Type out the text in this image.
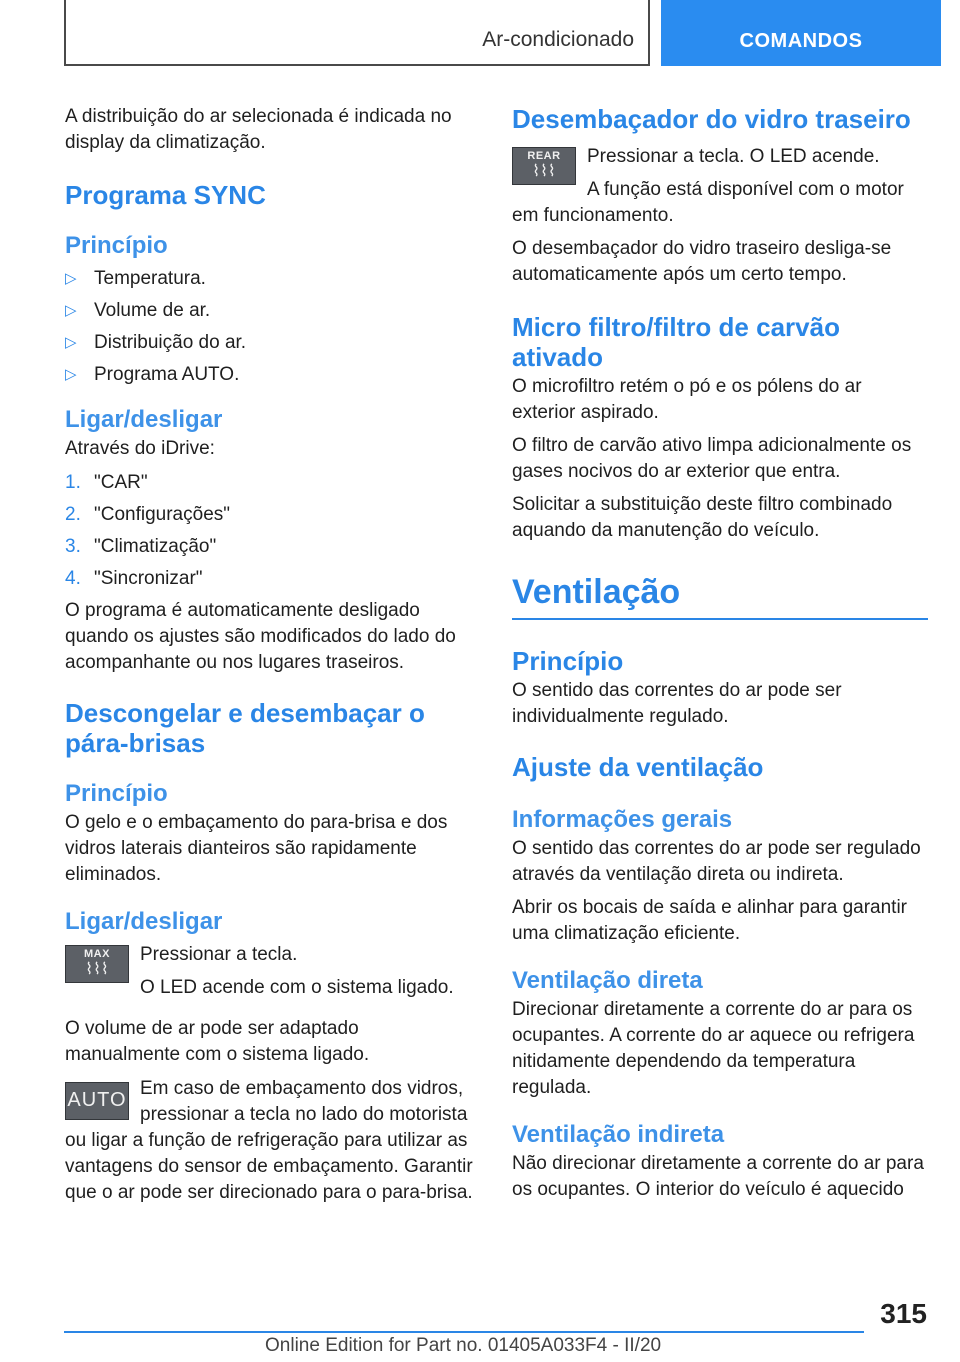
Ar-condicionado	COMANDOS

A distribuição do ar selecionada é indicada no display da climatização.

Programa SYNC
Princípio
▷ Temperatura.
▷ Volume de ar.
▷ Distribuição do ar.
▷ Programa AUTO.
Ligar/desligar

Através do iDrive:

1. "CAR"
2. "Configurações"
3. "Climatização"
4. "Sincronizar"

O programa é automaticamente desligado quando os ajustes são modificados do lado do acompanhante ou nos lugares traseiros.

Descongelar e desembaçar o pára-brisas
Princípio

O gelo e o embaçamento do para-brisa e dos vidros laterais dianteiros são rapidamente eliminados.

Ligar/desligar
MAX
⌇⌇⌇

Pressionar a tecla.

O LED acende com o sistema ligado.

O volume de ar pode ser adaptado manualmente com o sistema ligado.

AUTO

Em caso de embaçamento dos vidros, pressionar a tecla no lado do motorista ou ligar a função de refrigeração para utilizar as vantagens do sensor de embaçamento. Garantir que o ar pode ser direcionado para o para-brisa.

Desembaçador do vidro traseiro
REAR
⌇⌇⌇

Pressionar a tecla. O LED acende.

A função está disponível com o motor em funcionamento.

O desembaçador do vidro traseiro desliga-se automaticamente após um certo tempo.

Micro filtro/filtro de carvão ativado

O microfiltro retém o pó e os pólens do ar exterior aspirado.

O filtro de carvão ativo limpa adicionalmente os gases nocivos do ar exterior que entra.

Solicitar a substituição deste filtro combinado aquando da manutenção do veículo.

Ventilação
Princípio

O sentido das correntes do ar pode ser individualmente regulado.

Ajuste da ventilação
Informações gerais

O sentido das correntes do ar pode ser regulado através da ventilação direta ou indireta.

Abrir os bocais de saída e alinhar para garantir uma climatização eficiente.

Ventilação direta

Direcionar diretamente a corrente do ar para os ocupantes. A corrente do ar aquece ou refrigera nitidamente dependendo da temperatura regulada.

Ventilação indireta

Não direcionar diretamente a corrente do ar para os ocupantes. O interior do veículo é aquecido

315
Online Edition for Part no. 01405A033F4 - II/20
